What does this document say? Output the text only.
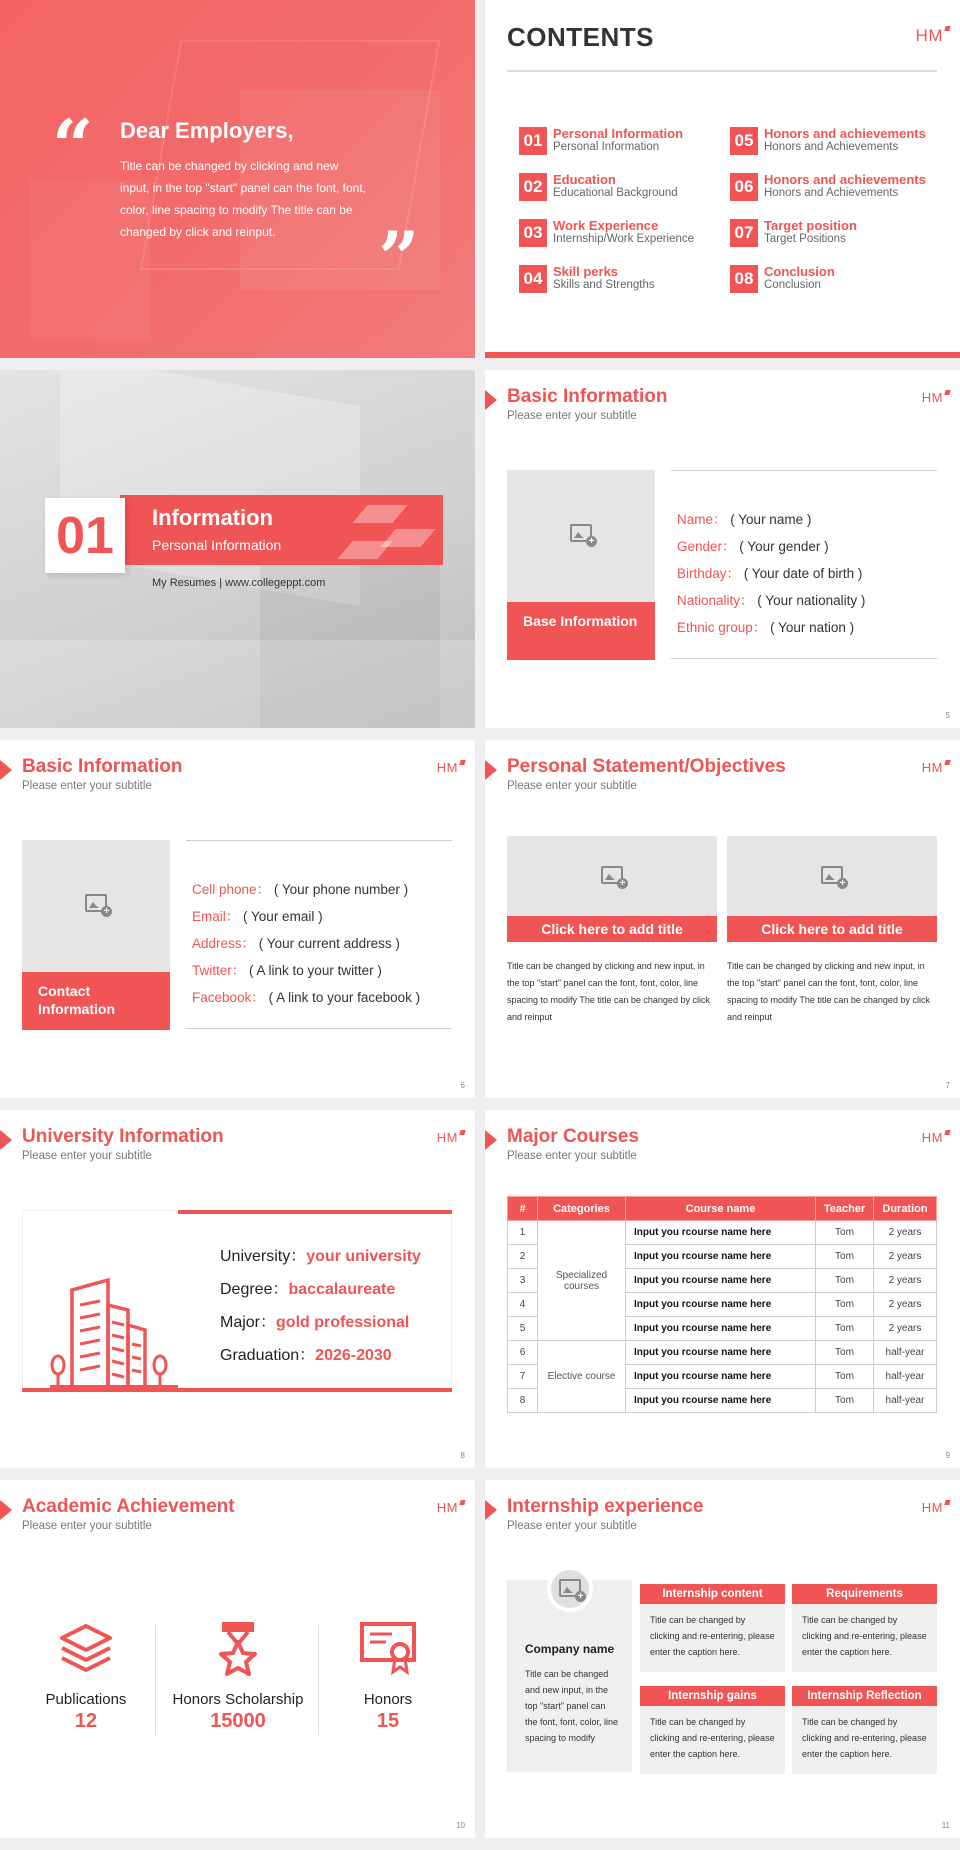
“ Dear Employers,
Title can be changed by clicking and new input, in the top "start" panel can the font, font, color, line spacing to modify The title can be changed by click and reinput.	”
CONTENTS	HM
01 Personal Information
Personal Information
02 Education
Educational Background
03 Work Experience
Internship/Work Experience
04 Skill perks
Skills and Strengths
05 Honors and achievements
Honors and Achievements
06 Honors and achievements
Honors and Achievements
07 Target position
Target Positions
08 Conclusion
Conclusion
01	Information
Personal Information
My Resumes | www.collegeppt.com
Basic Information
Please enter your subtitle
HM
+
Base Information
Name： ( Your name )
Gender： ( Your gender )
Birthday： ( Your date of birth )
Nationality： ( Your nationality )
Ethnic group： ( Your nation )
5
Basic Information
Please enter your subtitle
HM
+
Contact Information
Cell phone： ( Your phone number )
Email： ( Your email )
Address： ( Your current address )
Twitter： ( A link to your twitter )
Facebook： ( A link to your facebook )
6
Personal Statement/Objectives
Please enter your subtitle
HM
+
Click here to add title
Title can be changed by clicking and new input, in the top "start" panel can the font, font, color, line spacing to modify The title can be changed by click and reinput
+
Click here to add title
Title can be changed by clicking and new input, in the top "start" panel can the font, font, color, line spacing to modify The title can be changed by click and reinput
7
University Information
Please enter your subtitle
HM
University：your university
Degree：baccalaureate
Major：gold professional
Graduation：2026-2030
8
Major Courses
Please enter your subtitle
HM
#	Categories	Course name	Teacher	Duration
1	Specialized courses	Input you rcourse name here	Tom	2 years
2		Input you rcourse name here	Tom	2 years
3		Input you rcourse name here	Tom	2 years
4		Input you rcourse name here	Tom	2 years
5		Input you rcourse name here	Tom	2 years
6	Elective course	Input you rcourse name here	Tom	half-year
7		Input you rcourse name here	Tom	half-year
8		Input you rcourse name here	Tom	half-year
9
Academic Achievement
Please enter your subtitle
HM
Publications
12
Honors Scholarship
15000
Honors
15
10
Internship experience
Please enter your subtitle
HM
+
Company name
Title can be changed and new input, in the top "start" panel can the font, font, color, line spacing to modify
Internship content
Title can be changed by clicking and re-entering, please enter the caption here.
Requirements
Title can be changed by clicking and re-entering, please enter the caption here.
Internship gains
Title can be changed by clicking and re-entering, please enter the caption here.
Internship Reflection
Title can be changed by clicking and re-entering, please enter the caption here.
11
